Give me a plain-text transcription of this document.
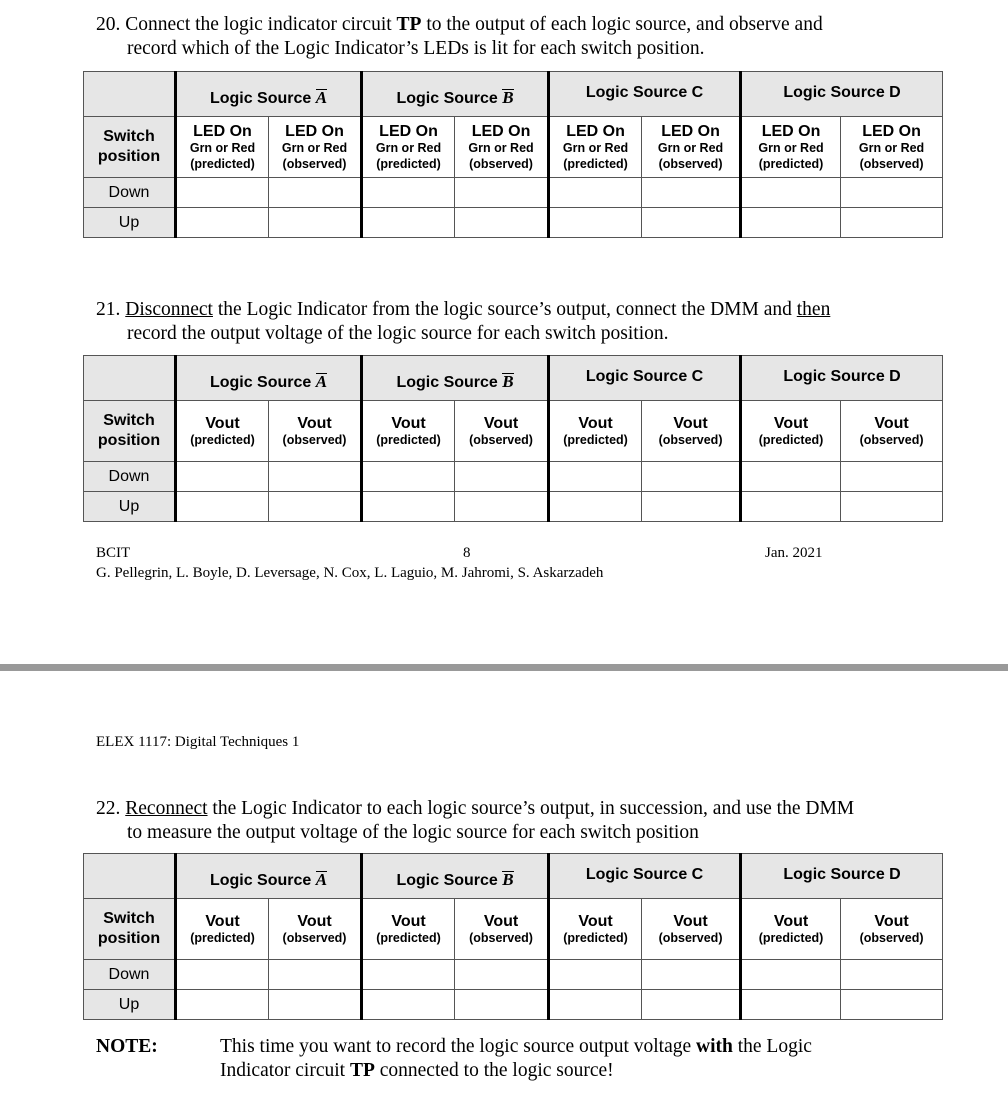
20. Connect the logic indicator circuit TP to the output of each logic source, and observe and
record which of the Logic Indicator’s LEDs is lit for each switch position.
	Logic Source A		Logic Source B		Logic Source C		Logic Source D	
Switch
position	LED On
Grn or Red
(predicted)	LED On
Grn or Red
(observed)	LED On
Grn or Red
(predicted)	LED On
Grn or Red
(observed)	LED On
Grn or Red
(predicted)	LED On
Grn or Red
(observed)	LED On
Grn or Red
(predicted)	LED On
Grn or Red
(observed)

Down								
Up								
21. Disconnect the Logic Indicator from the logic source’s output, connect the DMM and then
record the output voltage of the logic source for each switch position.
	Logic Source A		Logic Source B		Logic Source C		Logic Source D	
Switch
position	Vout
(predicted)	Vout
(observed)	Vout
(predicted)	Vout
(observed)	Vout
(predicted)	Vout
(observed)	Vout
(predicted)	Vout
(observed)

Down								
Up								
BCIT	8	Jan. 2021
G. Pellegrin, L. Boyle, D. Leversage, N. Cox, L. Laguio, M. Jahromi, S. Askarzadeh
ELEX 1117: Digital Techniques 1
22. Reconnect the Logic Indicator to each logic source’s output, in succession, and use the DMM
to measure the output voltage of the logic source for each switch position
	Logic Source A		Logic Source B		Logic Source C		Logic Source D	
Switch
position	Vout
(predicted)	Vout
(observed)	Vout
(predicted)	Vout
(observed)	Vout
(predicted)	Vout
(observed)	Vout
(predicted)	Vout
(observed)

Down								
Up								
NOTE:	This time you want to record the logic source output voltage with the Logic
Indicator circuit TP connected to the logic source!
